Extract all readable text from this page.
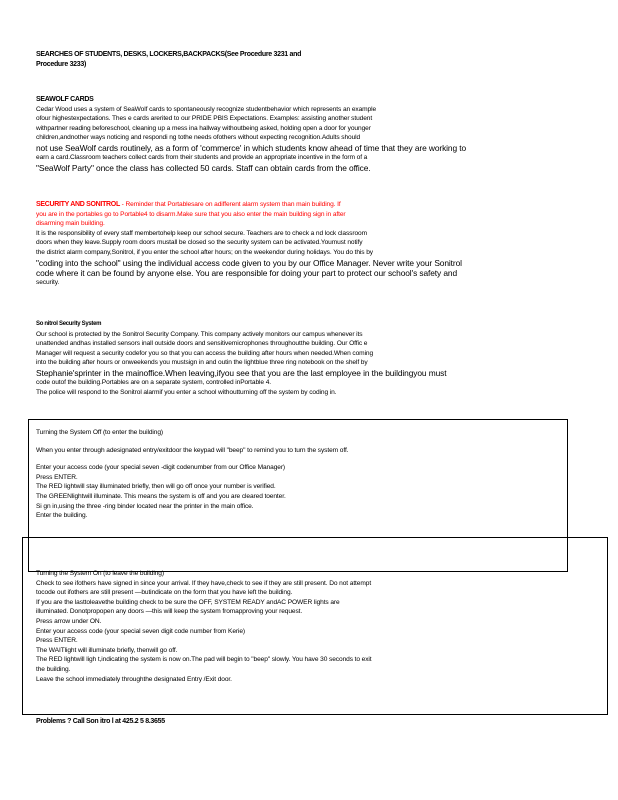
SEARCHES OF STUDENTS, DESKS, LOCKERS,BACKPACKS(See Procedure 3231 and
Procedure 3233)
SEAWOLF CARDS
Cedar Wood uses a system of SeaWolf cards to spontaneously recognize studentbehavior which represents an example
ofour highestexpectations. Thes e cards arerited to our PRIDE PBIS Expectations. Examples: assisting another student
withpartner reading beforeschool, cleaning up a mess ina hallway withoutbeing asked, holding open a door for younger
children,andnother ways noticing and respondi ng tothe needs ofothers without expecting recognition.Adults should
not use SeaWolf cards routinely, as a form of 'commerce' in which students know ahead of time that they are working to
earn a card.Classroom teachers collect cards from their students and provide an appropriate incentive in the form of a
"SeaWolf Party" once the class has collected 50 cards. Staff can obtain cards from the office.
SECURITY AND SONITROL - Reminder that Portablesare on adifferent alarm system than main building. If
you are in the portables go to Portable4 to disarm.Make sure that you also enter the main building sign in after
disarming main building.
It is the responsibility of every staff membertohelp keep our school secure. Teachers are to check a nd lock classroom
doors when they leave.Supply room doors mustall be closed so the security system can be activated.Youmust notify
the district alarm company,Sonitrol, if you enter the school after hours; on the weekendor during holidays. You do this by
"coding into the school" using the individual access code given to you by our Office Manager. Never write your Sonitrol
code where it can be found by anyone else. You are responsible for doing your part to protect our school's safety and
security.
So nitrol Security System
Our school is protected by the Sonitrol Security Company. This company actively monitors our campus whenever its
unattended andhas installed sensors inall outside doors and sensitivemicrophones throughoutthe building. Our Offic e
Manager will request a security codefor you so that you can access the building after hours when needed.When coming
into the building after hours or onweekends you mustsign in and outin the lightblue three ring notebook on the shelf by
Stephanie'sprinter in the mainoffice.When leaving,ifyou see that you are the last employee in the buildingyou must
code outof the building.Portables are on a separate system, controlled inPortable 4.
The police will respond to the Sonitrol alarmif you enter a school withoutturning off the system by coding in.
Turning the System Off (to enter the building)
When you enter through adesignated entry/exitdoor the keypad will "beep" to remind you to turn the system off.
Enter your access code (your special seven -digit codenumber from our Office Manager)
Press ENTER.
The RED lightwill stay illuminated briefly, then will go off once your number is verified.
The GREENlightwill illuminate. This means the system is off and you are cleared toenter.
Si gn in,using the three -ring binder located near the printer in the main office.
Enter the building.
Turning the System On (to leave the building)
Check to see ifothers have signed in since your arrival. If they have,check to see if they are still present. Do not attempt
tocode out ifothers are still present —butindicate on the form that you have left the building.
If you are the lasttoleavethe building check to be sure the OFF, SYSTEM READY andAC POWER lights are
illuminated. Donotpropopen any doors —this will keep the system fromapproving your request.
Press arrow under ON.
Enter your access code (your special seven digit code number from Kerie)
Press ENTER.
The WAITlight will illuminate briefly, thenwill go off.
The RED lightwill ligh t,indicating the system is now on.The pad will begin to "beep" slowly. You have 30 seconds to exit
the building.
Leave the school immediately throughthe designated Entry /Exit door.
Problems ? Call Son itro l at 425.2 5 8.3655
